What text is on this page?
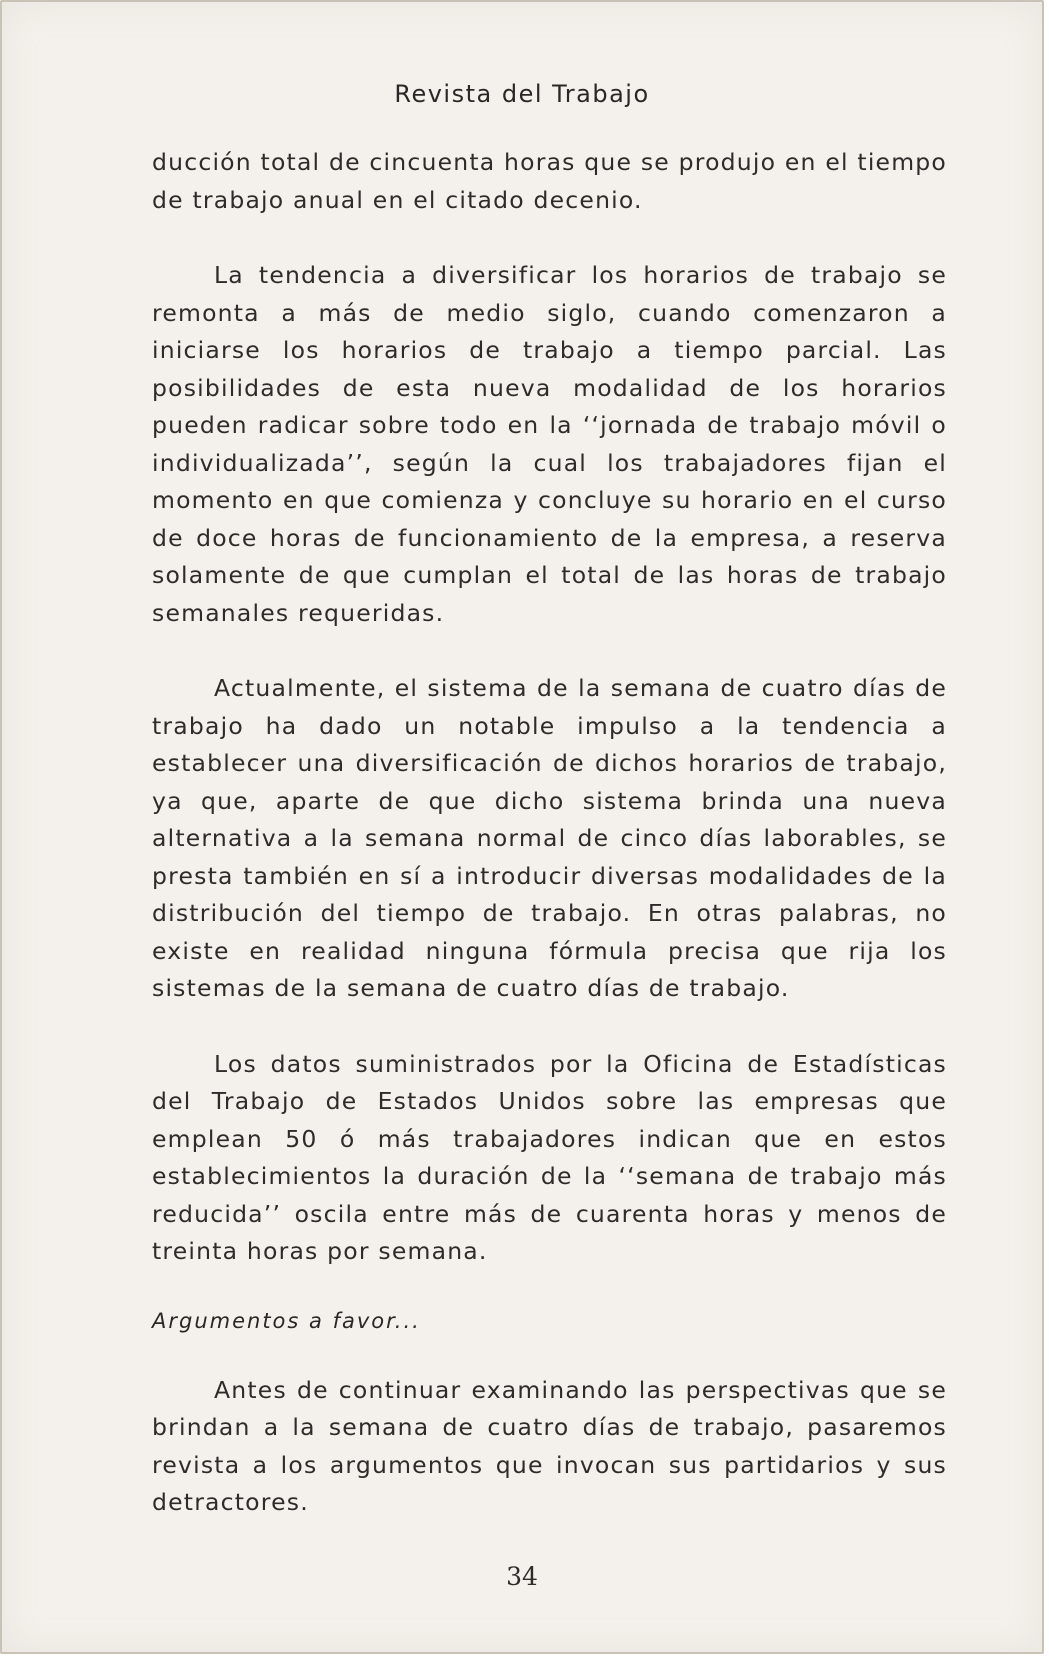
Revista del Trabajo

ducción total de cincuenta horas que se produjo en el tiempo de trabajo anual en el citado decenio.

La tendencia a diversificar los horarios de trabajo se remonta a más de medio siglo, cuando comenzaron a iniciarse los horarios de trabajo a tiempo parcial. Las posibilidades de esta nueva modalidad de los horarios pueden radicar sobre todo en la ‘‘jornada de trabajo móvil o individualizada’’, según la cual los trabajadores fijan el momento en que comienza y concluye su horario en el curso de doce horas de funcionamiento de la empresa, a reserva solamente de que cumplan el total de las horas de trabajo semanales requeridas.

Actualmente, el sistema de la semana de cuatro días de trabajo ha dado un notable impulso a la tendencia a establecer una diversificación de dichos horarios de trabajo, ya que, aparte de que dicho sistema brinda una nueva alternativa a la semana normal de cinco días laborables, se presta también en sí a introducir diversas modalidades de la distribución del tiempo de trabajo. En otras palabras, no existe en realidad ninguna fórmula precisa que rija los sistemas de la semana de cuatro días de trabajo.

Los datos suministrados por la Oficina de Estadísticas del Trabajo de Estados Unidos sobre las empresas que emplean 50 ó más trabajadores indican que en estos establecimientos la duración de la ‘‘semana de trabajo más reducida’’ oscila entre más de cuarenta horas y menos de treinta horas por semana.

Argumentos a favor...

Antes de continuar examinando las perspectivas que se brindan a la semana de cuatro días de trabajo, pasaremos revista a los argumentos que invocan sus partidarios y sus detractores.

34
